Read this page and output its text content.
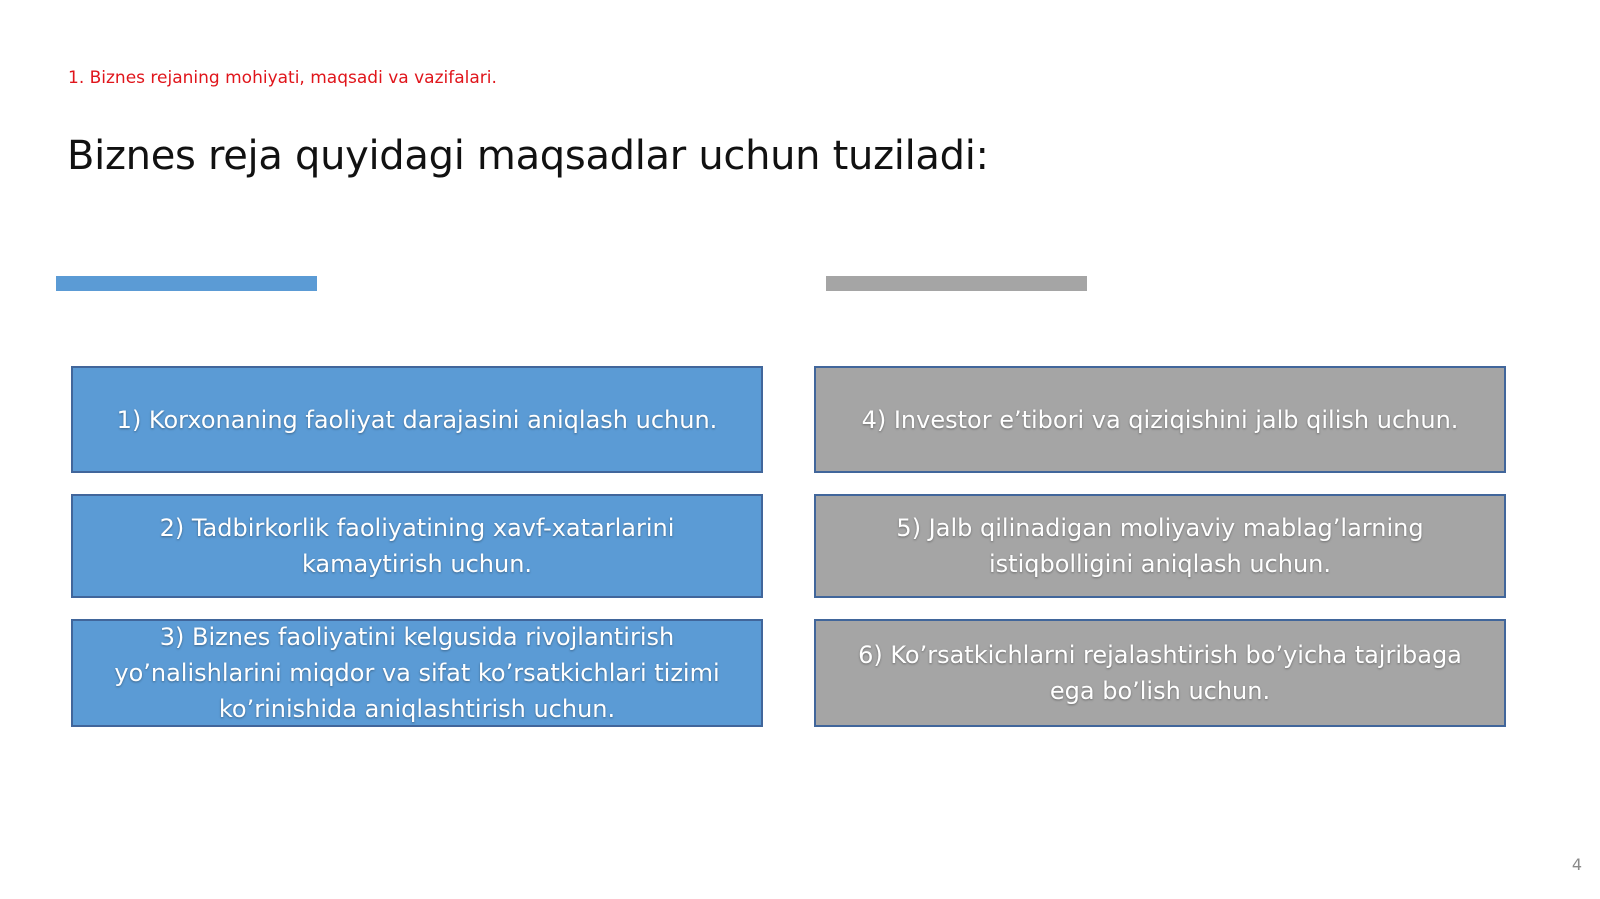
1. Biznes rejaning mohiyati, maqsadi va vazifalari.
Biznes reja quyidagi maqsadlar uchun tuziladi:
1) Korxonaning faoliyat darajasini aniqlash uchun.
2) Tadbirkorlik faoliyatining xavf-xatarlarini kamaytirish uchun.
3) Biznes faoliyatini kelgusida rivojlantirish yo’nalishlarini miqdor va sifat ko’rsatkichlari tizimi ko’rinishida aniqlashtirish uchun.
4) Investor e’tibori va qiziqishini jalb qilish uchun.
5) Jalb qilinadigan moliyaviy mablag’larning istiqbolligini aniqlash uchun.
6) Ko’rsatkichlarni rejalashtirish bo’yicha tajribaga ega bo’lish uchun.
4
